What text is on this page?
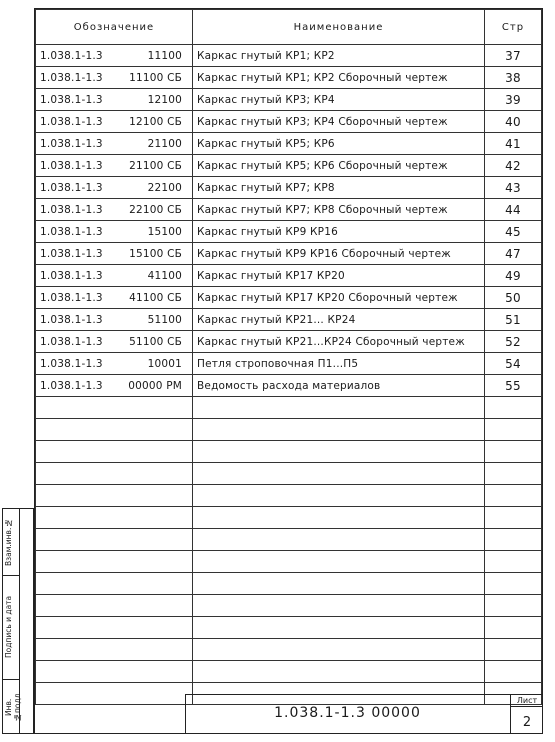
Обозначение	Наименование	Стр

1.038.1-1.3 11100	Каркас гнутый КР1; КР2	37

1.038.1-1.3 11100 СБ	Каркас гнутый КР1; КР2 Сборочный чертеж	38

1.038.1-1.3 12100	Каркас гнутый КР3; КР4	39

1.038.1-1.3 12100 СБ	Каркас гнутый КР3; КР4 Сборочный чертеж	40

1.038.1-1.3 21100	Каркас гнутый КР5; КР6	41

1.038.1-1.3 21100 СБ	Каркас гнутый КР5; КР6 Сборочный чертеж	42

1.038.1-1.3 22100	Каркас гнутый КР7; КР8	43

1.038.1-1.3 22100 СБ	Каркас гнутый КР7; КР8 Сборочный чертеж	44

1.038.1-1.3 15100	Каркас гнутый КР9 КР16	45

1.038.1-1.3 15100 СБ	Каркас гнутый КР9 КР16 Сборочный чертеж	47

1.038.1-1.3 41100	Каркас гнутый КР17 КР20	49

1.038.1-1.3 41100 СБ	Каркас гнутый КР17 КР20 Сборочный чертеж	50

1.038.1-1.3 51100	Каркас гнутый КР21... КР24	51

1.038.1-1.3 51100 СБ	Каркас гнутый КР21...КР24 Сборочный чертеж	52

1.038.1-1.3 10001	Петля строповочная П1...П5	54

1.038.1-1.3 00000 РМ	Ведомость расхода материалов	55

1.038.1-1.3 00000
Лист
2
Взам.инв.№
Подпись и дата
Инв.№подл.
